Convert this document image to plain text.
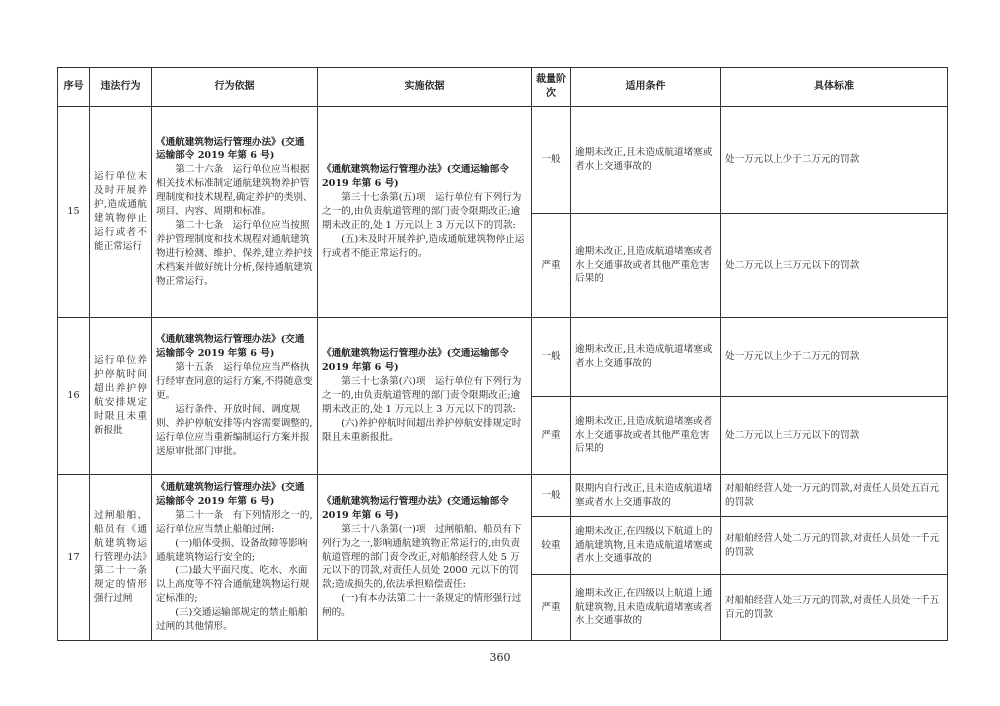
序号	违法行为	行为依据	实施依据	裁量阶次	适用条件	具体标准
15	运行单位未及时开展养护,造成通航建筑物停止运行或者不能正常运行	《通航建筑物运行管理办法》(交通运输部令 2019 年第 6 号)
第二十六条　运行单位应当根据相关技术标准制定通航建筑物养护管理制度和技术规程,确定养护的类别、项目、内容、周期和标准。
第二十七条　运行单位应当按照养护管理制度和技术规程对通航建筑物进行检测、维护、保养,建立养护技术档案并做好统计分析,保持通航建筑物正常运行。	《通航建筑物运行管理办法》(交通运输部令 2019 年第 6 号)
第三十七条第(五)项　运行单位有下列行为之一的,由负责航道管理的部门责令限期改正;逾期未改正的,处 1 万元以上 3 万元以下的罚款:
(五)未及时开展养护,造成通航建筑物停止运行或者不能正常运行的。	一般	逾期未改正,且未造成航道堵塞或者水上交通事故的	处一万元以上少于二万元的罚款
				严重	逾期未改正,且造成航道堵塞或者水上交通事故或者其他严重危害后果的	处二万元以上三万元以下的罚款
16	运行单位养护停航时间超出养护停航安排规定时限且未重新报批	《通航建筑物运行管理办法》(交通运输部令 2019 年第 6 号)
第十五条　运行单位应当严格执行经审查同意的运行方案,不得随意变更。
运行条件、开放时间、调度规则、养护停航安排等内容需要调整的,运行单位应当重新编制运行方案并报送原审批部门审批。	《通航建筑物运行管理办法》(交通运输部令 2019 年第 6 号)
第三十七条第(六)项　运行单位有下列行为之一的,由负责航道管理的部门责令限期改正;逾期未改正的,处 1 万元以上 3 万元以下的罚款:
(六)养护停航时间超出养护停航安排规定时限且未重新报批。	一般	逾期未改正,且未造成航道堵塞或者水上交通事故的	处一万元以上少于二万元的罚款
				严重	逾期未改正,且造成航道堵塞或者水上交通事故或者其他严重危害后果的	处二万元以上三万元以下的罚款
17	过闸船舶、船员有《通航建筑物运行管理办法》第二十一条规定的情形强行过闸	《通航建筑物运行管理办法》(交通运输部令 2019 年第 6 号)
第二十一条　有下列情形之一的,运行单位应当禁止船舶过闸:
(一)船体受损、设备故障等影响通航建筑物运行安全的;
(二)最大平面尺度、吃水、水面以上高度等不符合通航建筑物运行规定标准的;
(三)交通运输部规定的禁止船舶过闸的其他情形。	《通航建筑物运行管理办法》(交通运输部令 2019 年第 6 号)
第三十八条第(一)项　过闸船舶、船员有下列行为之一,影响通航建筑物正常运行的,由负责航道管理的部门责令改正,对船舶经营人处 5 万元以下的罚款,对责任人员处 2000 元以下的罚款;造成损失的,依法承担赔偿责任:
(一)有本办法第二十一条规定的情形强行过闸的。	一般	限期内自行改正,且未造成航道堵塞或者水上交通事故的	对船舶经营人处一万元的罚款,对责任人员处五百元的罚款
				较重	逾期未改正,在四级以下航道上的通航建筑物,且未造成航道堵塞或者水上交通事故的	对船舶经营人处二万元的罚款,对责任人员处一千元的罚款
				严重	逾期未改正,在四级以上航道上通航建筑物,且未造成航道堵塞或者水上交通事故的	对船舶经营人处三万元的罚款,对责任人员处一千五百元的罚款
360
